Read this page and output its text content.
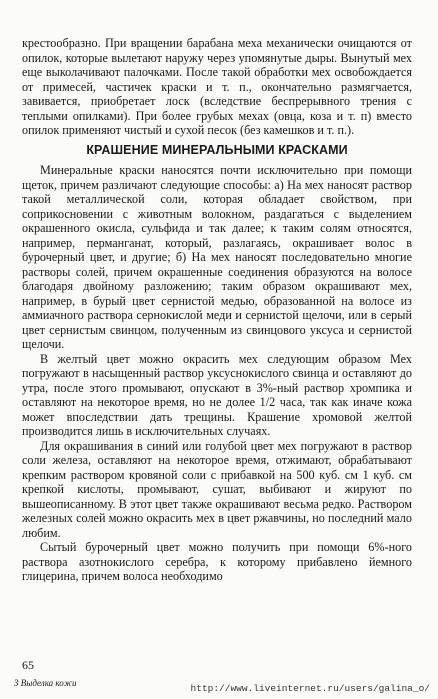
крестообразно. При вращении барабана меха механически очищаются от опилок, которые вылетают наружу через упомянутые дыры. Вынутый мех еще выколачивают палочками. После такой обработки мех освобождается от примесей, частичек краски и т. п., окончательно размягчается, завивается, приобретает лоск (вследствие беспрерывного трения с теплыми опилками). При более грубых мехах (овца, коза и т. п) вместо опилок применяют чистый и сухой песок (без камешков и т. п.).

КРАШЕНИЕ МИНЕРАЛЬНЫМИ КРАСКАМИ

Минеральные краски наносятся почти исключительно при помощи щеток, причем различают следующие способы: а) На мех наносят раствор такой металлической соли, которая обладает свойством, при соприкосновении с животным волокном, раздагаться с выделением окрашенного окисла, сульфида и так далее; к таким солям относятся, например, перманганат, который, разлагаясь, окрашивает волос в бурочерный цвет, и другие; б) На мех наносят последовательно многие растворы солей, причем окрашенные соединения образуются на волосе благодаря двойному разложению; таким образом окрашивают мех, например, в бурый цвет сернистой медью, образованной на волосе из аммиачного раствора сернокислой меди и сернистой щелочи, или в серый цвет сернистым свинцом, полученным из свинцового уксуса и сернистой щелочи.

В желтый цвет можно окрасить мех следующим образом Мех погружают в насыщенный раствор уксуснокислого свинца и оставляют до утра, после этого промывают, опускают в 3%-ный раствор хромпика и оставляют на некоторое время, но не долее 1/2 часа, так как иначе кожа может впоследствии дать трещины. Крашение хромовой желтой производится лишь в исключительных случаях.

Для окрашивания в синий или голубой цвет мех погружают в раствор соли железа, оставляют на некоторое время, отжимают, обрабатывают крепким раствором кровяной соли с прибавкой на 500 куб. см 1 куб. см крепкой кислоты, промывают, сушат, выбивают и жируют по вышеописанному. В этот цвет также окрашивают весьма редко. Раствором железных солей можно окрасить мех в цвет ржавчины, но последний мало любим.

Сытый бурочерный цвет можно получить при помощи 6%-ного раствора азотнокислого серебра, к которому прибавлено йемного глицерина, причем волоса необходимо

65
3 Выделка кожи	http://www.liveinternet.ru/users/galina_o/
